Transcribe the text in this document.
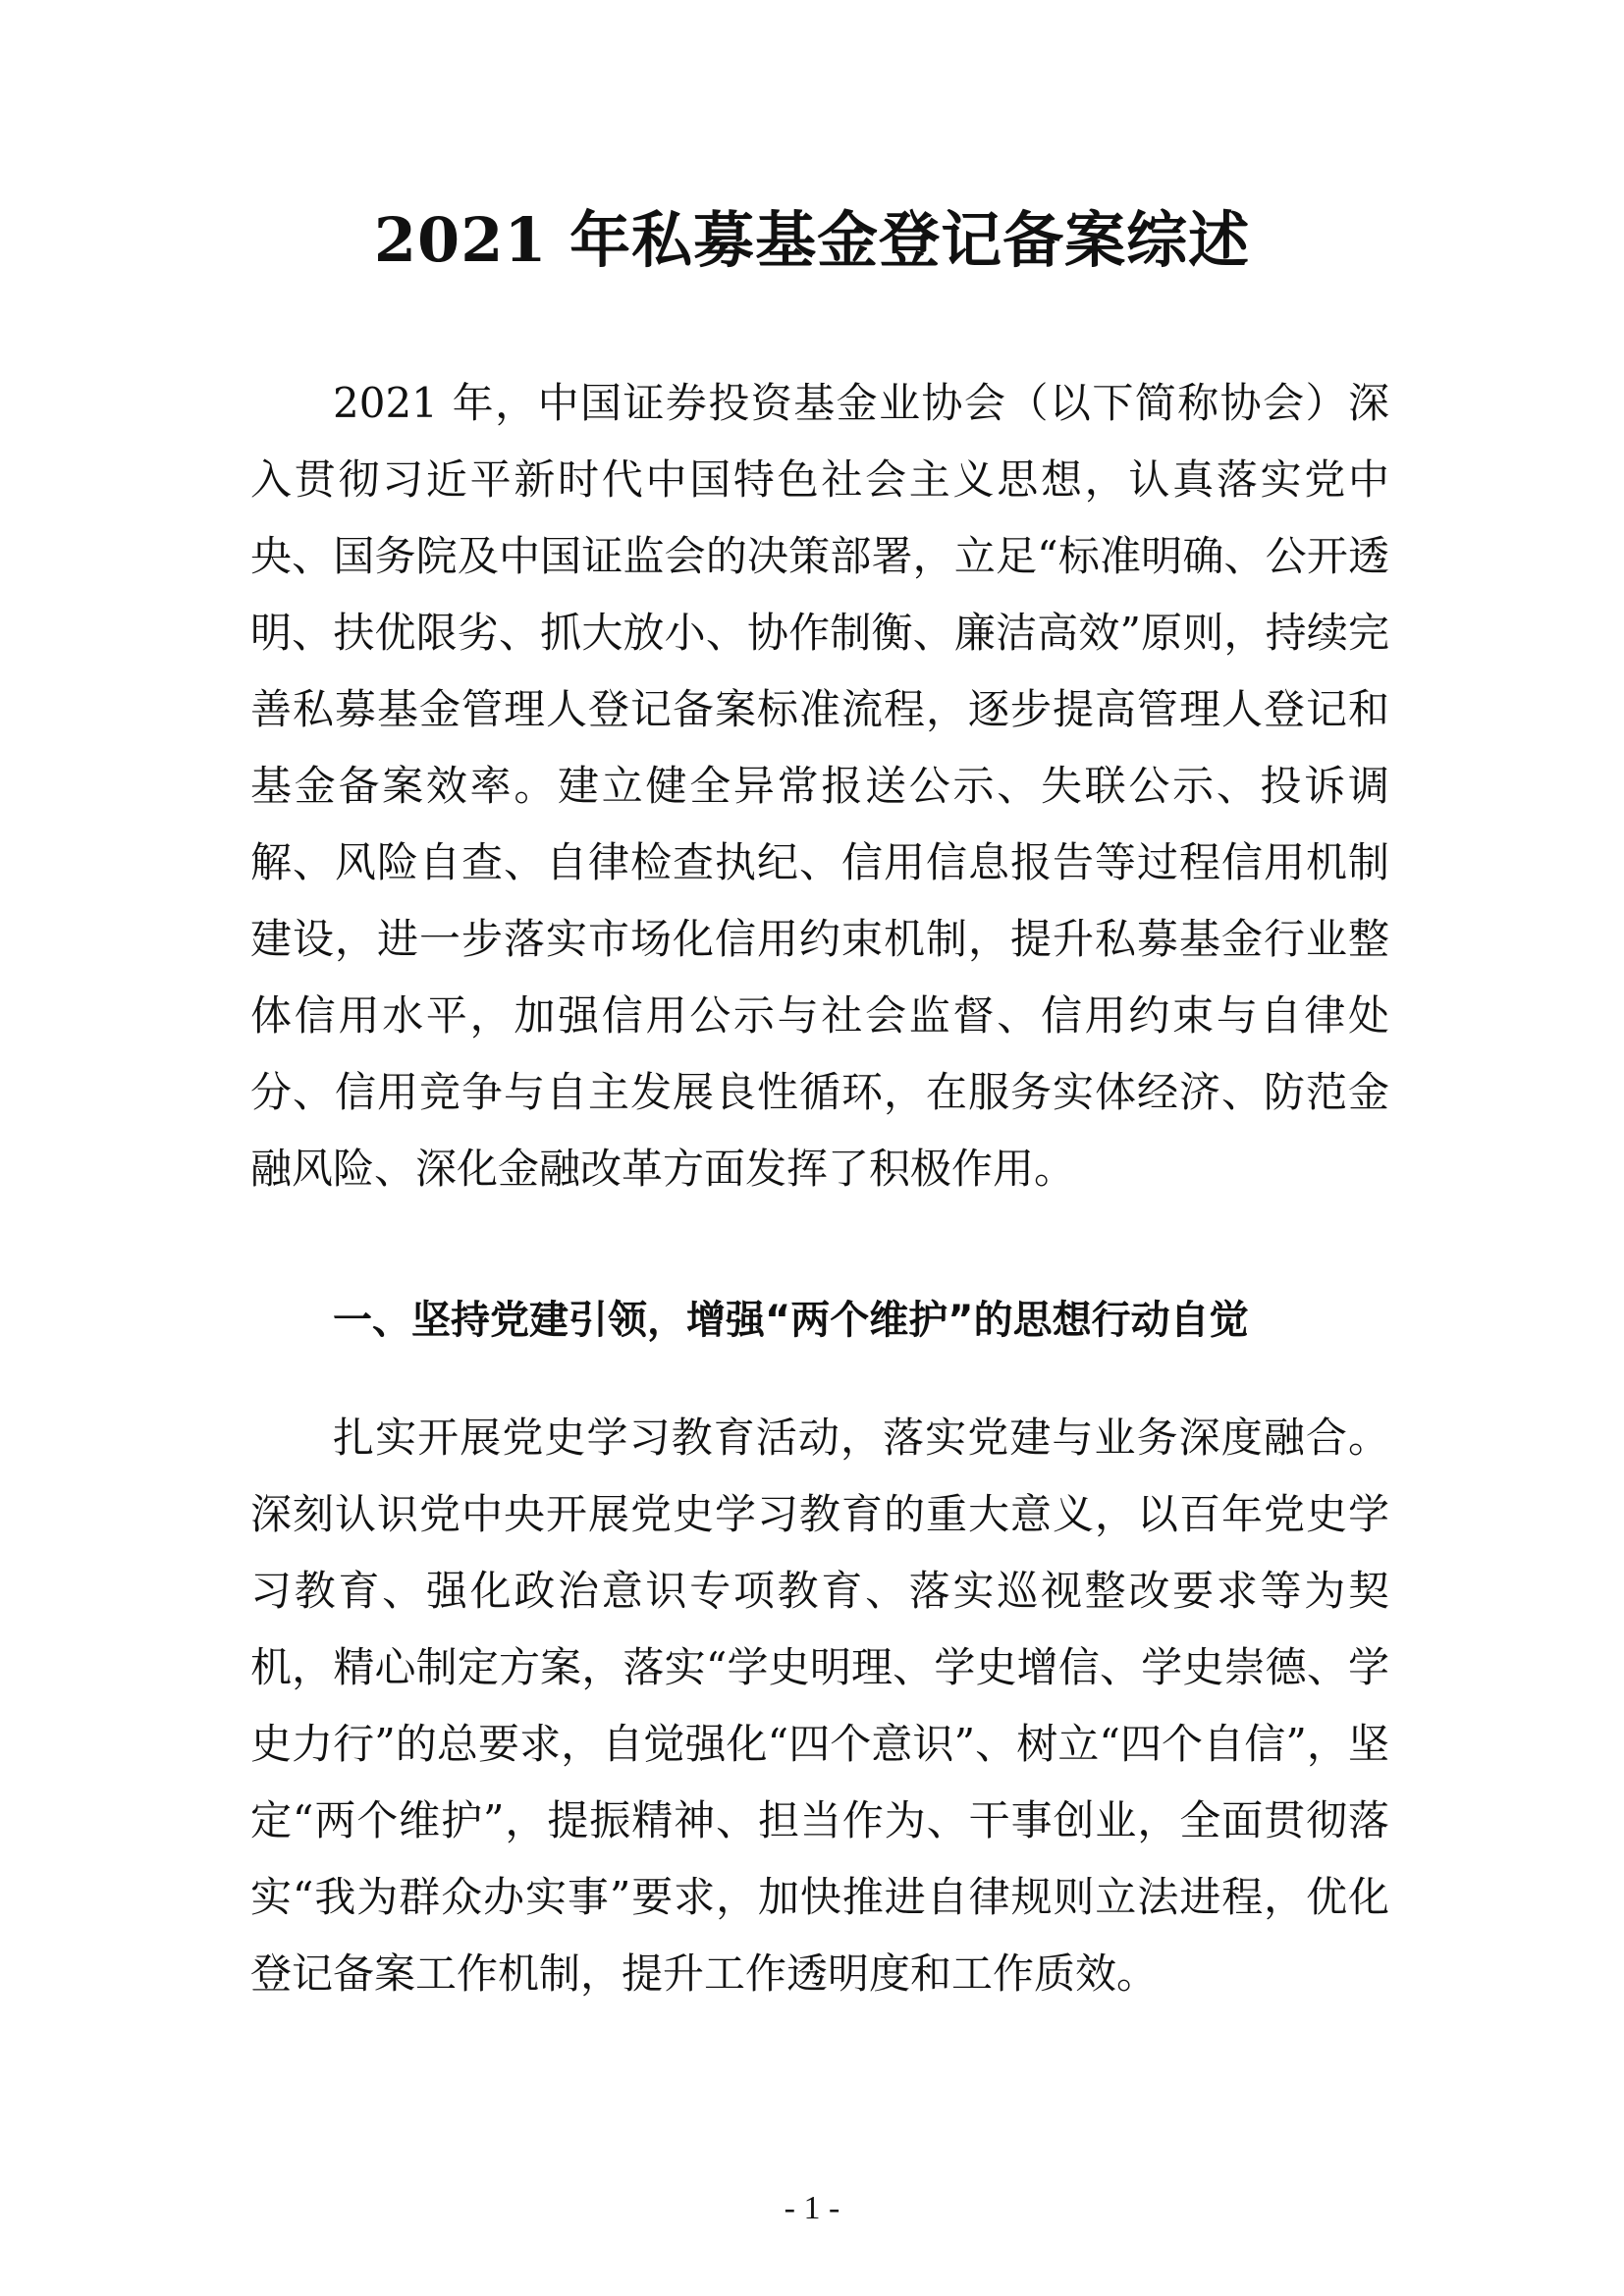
2021 年私募基金登记备案综述

2021 年，中国证券投资基金业协会（以下简称协会）深入贯彻习近平新时代中国特色社会主义思想，认真落实党中央、国务院及中国证监会的决策部署，立足“标准明确、公开透明、扶优限劣、抓大放小、协作制衡、廉洁高效”原则，持续完善私募基金管理人登记备案标准流程，逐步提高管理人登记和基金备案效率。建立健全异常报送公示、失联公示、投诉调解、风险自查、自律检查执纪、信用信息报告等过程信用机制建设，进一步落实市场化信用约束机制，提升私募基金行业整体信用水平，加强信用公示与社会监督、信用约束与自律处分、信用竞争与自主发展良性循环，在服务实体经济、防范金融风险、深化金融改革方面发挥了积极作用。

一、坚持党建引领，增强“两个维护”的思想行动自觉

扎实开展党史学习教育活动，落实党建与业务深度融合。深刻认识党中央开展党史学习教育的重大意义，以百年党史学习教育、强化政治意识专项教育、落实巡视整改要求等为契机，精心制定方案，落实“学史明理、学史增信、学史崇德、学史力行”的总要求，自觉强化“四个意识”、树立“四个自信”，坚定“两个维护”，提振精神、担当作为、干事创业，全面贯彻落实“我为群众办实事”要求，加快推进自律规则立法进程，优化登记备案工作机制，提升工作透明度和工作质效。

- 1 -
